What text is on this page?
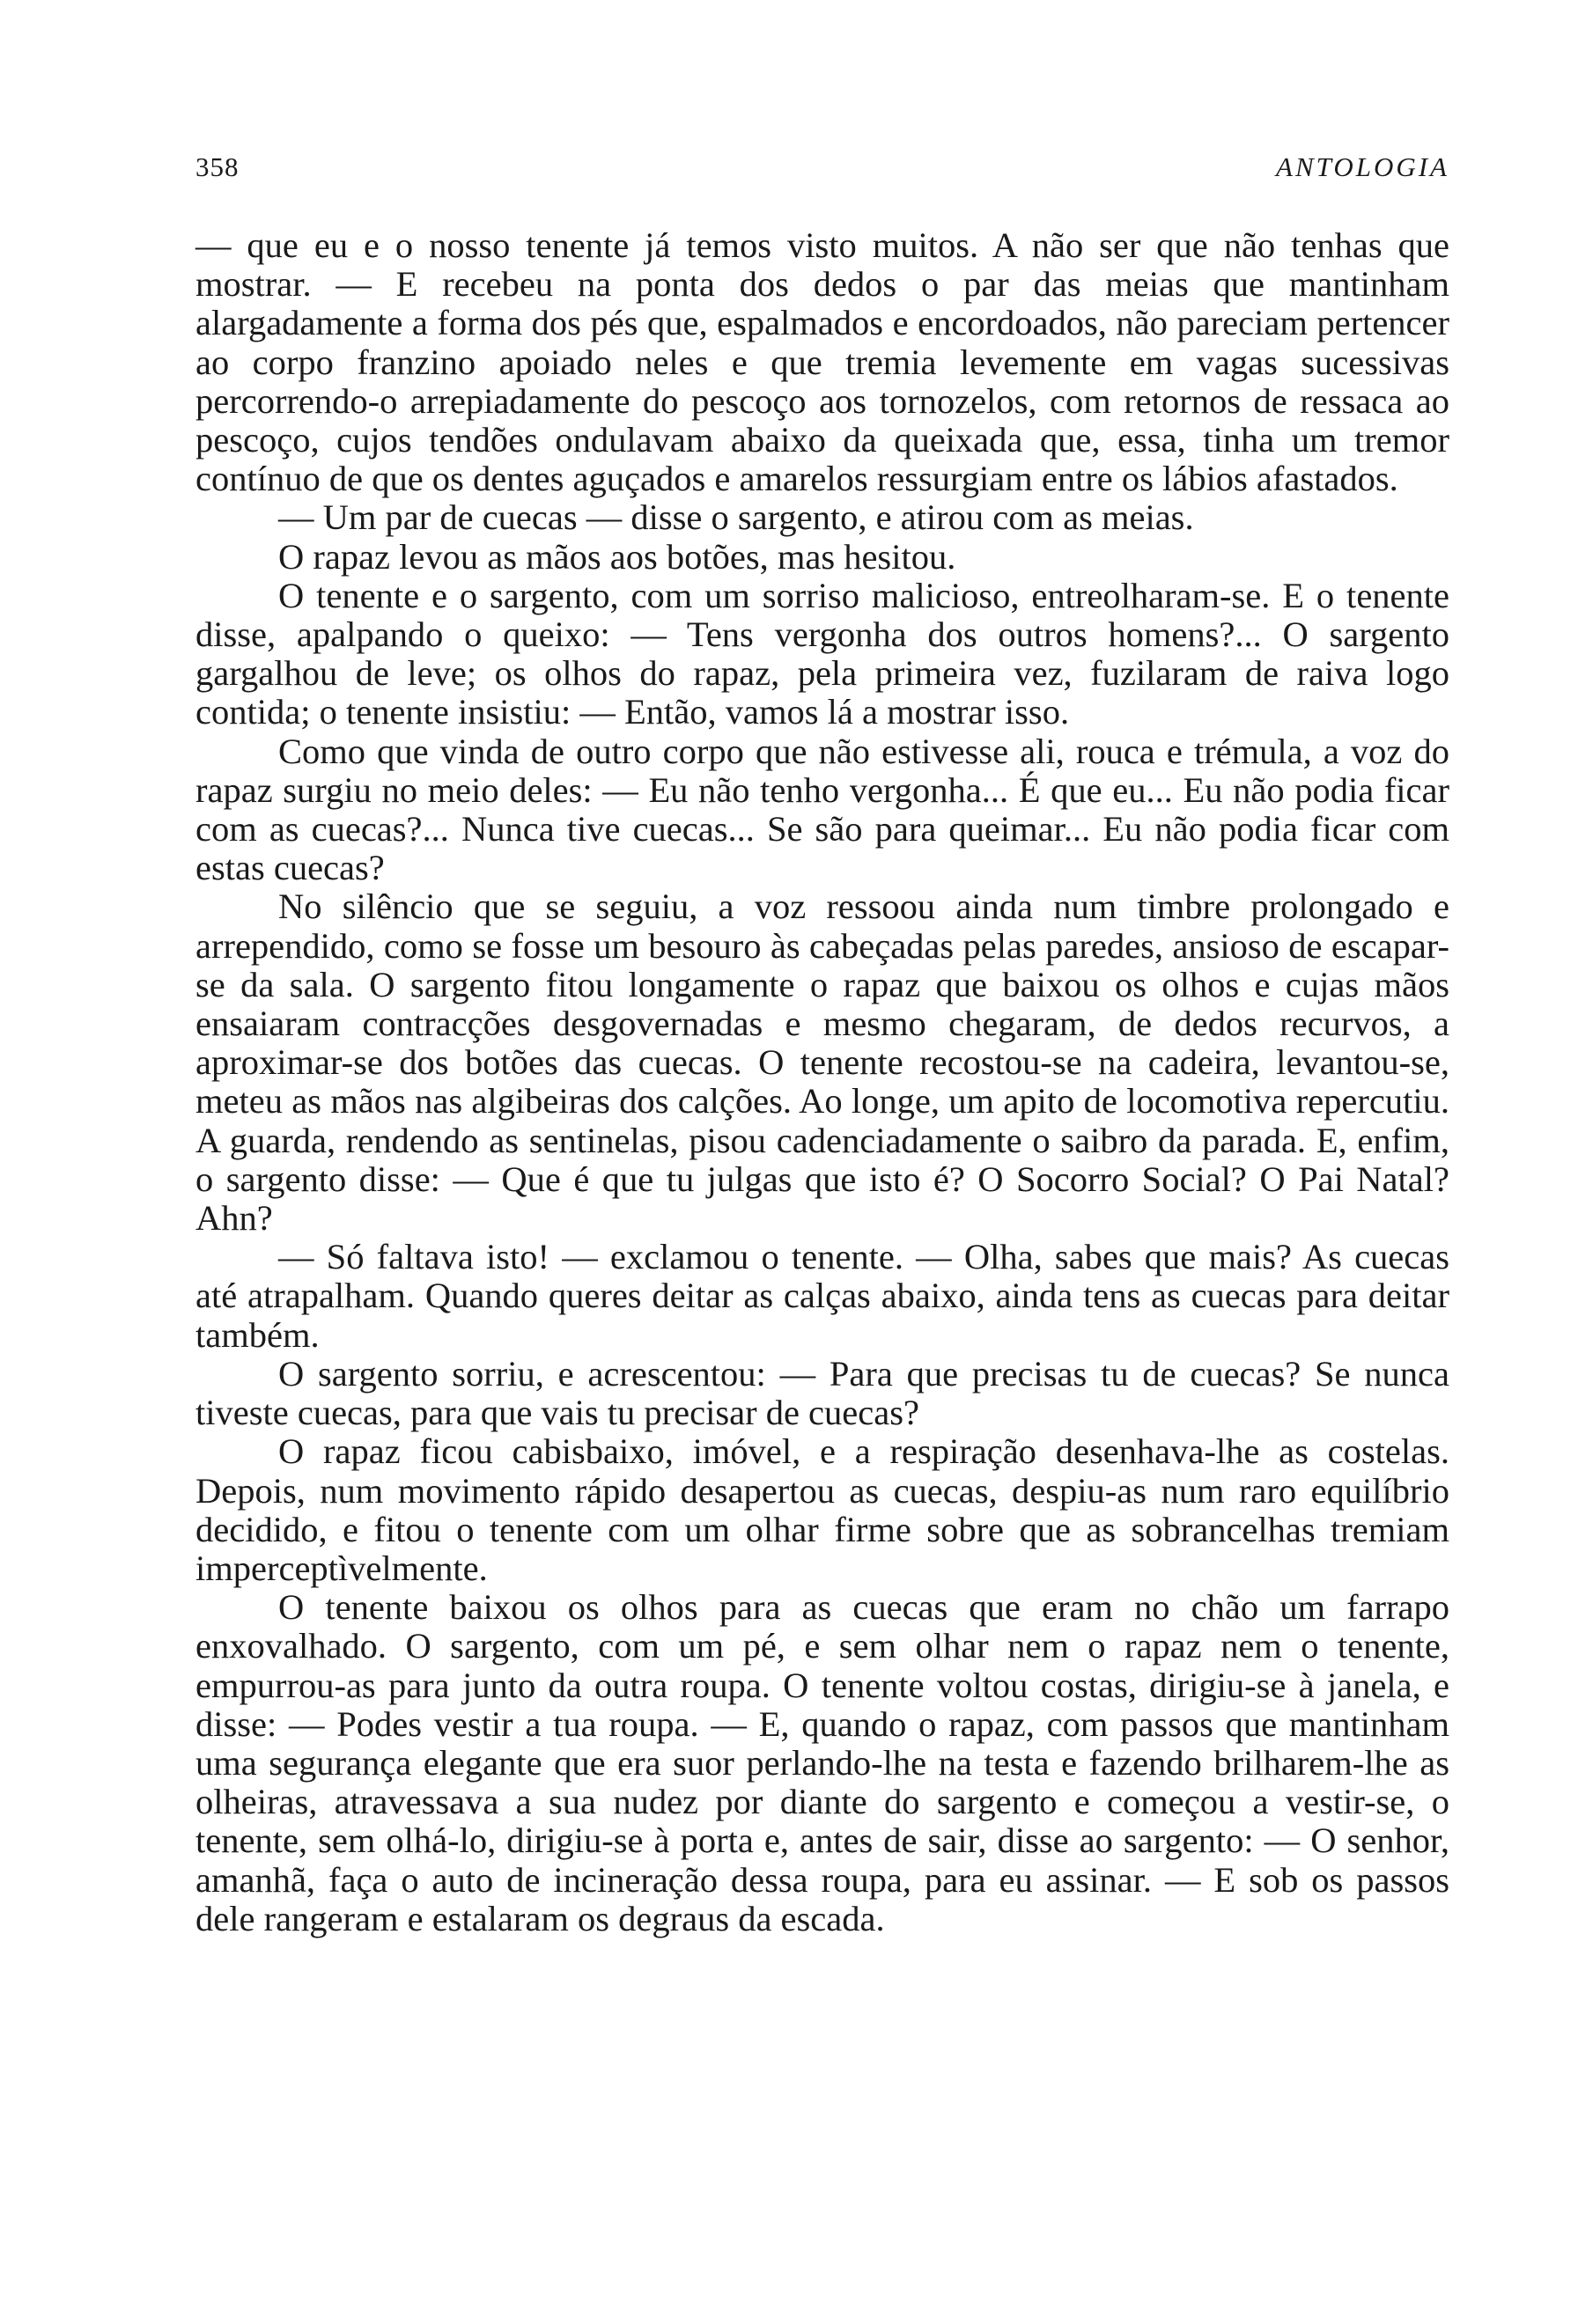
358	ANTOLOGIA

— que eu e o nosso tenente já temos visto muitos. A não ser que não tenhas que mostrar. — E recebeu na ponta dos dedos o par das meias que mantinham alargadamente a forma dos pés que, espalmados e encordoados, não pareciam pertencer ao corpo franzino apoiado neles e que tremia levemente em vagas sucessivas percorrendo-o arrepiadamente do pescoço aos tornozelos, com retornos de ressaca ao pescoço, cujos tendões ondulavam abaixo da queixada que, essa, tinha um tremor contínuo de que os dentes aguçados e amarelos ressurgiam entre os lábios afastados.

— Um par de cuecas — disse o sargento, e atirou com as meias.

O rapaz levou as mãos aos botões, mas hesitou.

O tenente e o sargento, com um sorriso malicioso, entreolharam-se. E o tenente disse, apalpando o queixo: — Tens vergonha dos outros homens?... O sargento gargalhou de leve; os olhos do rapaz, pela primeira vez, fuzilaram de raiva logo contida; o tenente insistiu: — Então, vamos lá a mostrar isso.

Como que vinda de outro corpo que não estivesse ali, rouca e trémula, a voz do rapaz surgiu no meio deles: — Eu não tenho vergonha... É que eu... Eu não podia ficar com as cuecas?... Nunca tive cuecas... Se são para queimar... Eu não podia ficar com estas cuecas?

No silêncio que se seguiu, a voz ressoou ainda num timbre prolongado e arrependido, como se fosse um besouro às cabeçadas pelas paredes, ansioso de escapar-se da sala. O sargento fitou longamente o rapaz que baixou os olhos e cujas mãos ensaiaram contracções desgovernadas e mesmo chegaram, de dedos recurvos, a aproximar-se dos botões das cuecas. O tenente recostou-se na cadeira, levantou-se, meteu as mãos nas algibeiras dos calções. Ao longe, um apito de locomotiva repercutiu. A guarda, rendendo as sentinelas, pisou cadenciadamente o saibro da parada. E, enfim, o sargento disse: — Que é que tu julgas que isto é? O Socorro Social? O Pai Natal? Ahn?

— Só faltava isto! — exclamou o tenente. — Olha, sabes que mais? As cuecas até atrapalham. Quando queres deitar as calças abaixo, ainda tens as cuecas para deitar também.

O sargento sorriu, e acrescentou: — Para que precisas tu de cuecas? Se nunca tiveste cuecas, para que vais tu precisar de cuecas?

O rapaz ficou cabisbaixo, imóvel, e a respiração desenhava-lhe as costelas. Depois, num movimento rápido desapertou as cuecas, despiu-as num raro equilíbrio decidido, e fitou o tenente com um olhar firme sobre que as sobrancelhas tremiam imperceptìvelmente.

O tenente baixou os olhos para as cuecas que eram no chão um farrapo enxovalhado. O sargento, com um pé, e sem olhar nem o rapaz nem o tenente, empurrou-as para junto da outra roupa. O tenente voltou costas, dirigiu-se à janela, e disse: — Podes vestir a tua roupa. — E, quando o rapaz, com passos que mantinham uma segurança elegante que era suor perlando-lhe na testa e fazendo brilharem-lhe as olheiras, atravessava a sua nudez por diante do sargento e começou a vestir-se, o tenente, sem olhá-lo, dirigiu-se à porta e, antes de sair, disse ao sargento: — O senhor, amanhã, faça o auto de incineração dessa roupa, para eu assinar. — E sob os passos dele rangeram e estalaram os degraus da escada.
